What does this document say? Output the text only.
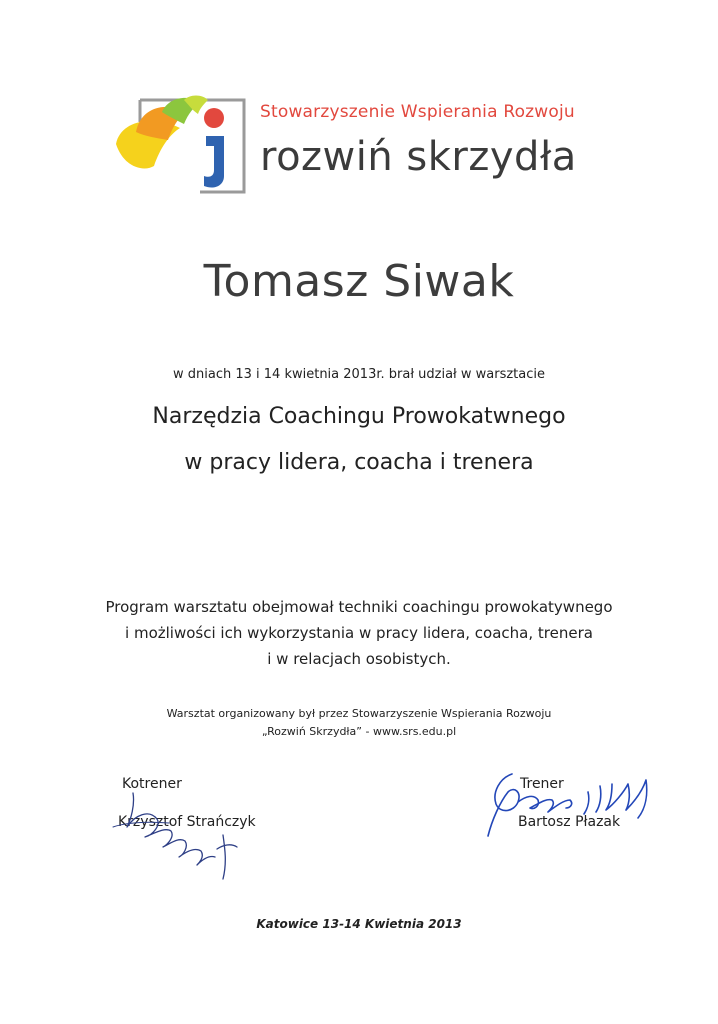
Stowarzyszenie Wspierania Rozwoju
rozwiń skrzydła
Tomasz Siwak
w dniach 13 i 14 kwietnia 2013r. brał udział w warsztacie
Narzędzia Coachingu Prowokatwnego
w pracy lidera, coacha i trenera
Program warsztatu obejmował techniki coachingu prowokatywnego
i możliwości ich wykorzystania w pracy lidera, coacha, trenera
i w relacjach osobistych.
Warsztat organizowany był przez Stowarzyszenie Wspierania Rozwoju
„Rozwiń Skrzydła” - www.srs.edu.pl
Kotrener
Krzysztof Strańczyk
Trener
Bartosz Płazak
Katowice 13-14 Kwietnia 2013
